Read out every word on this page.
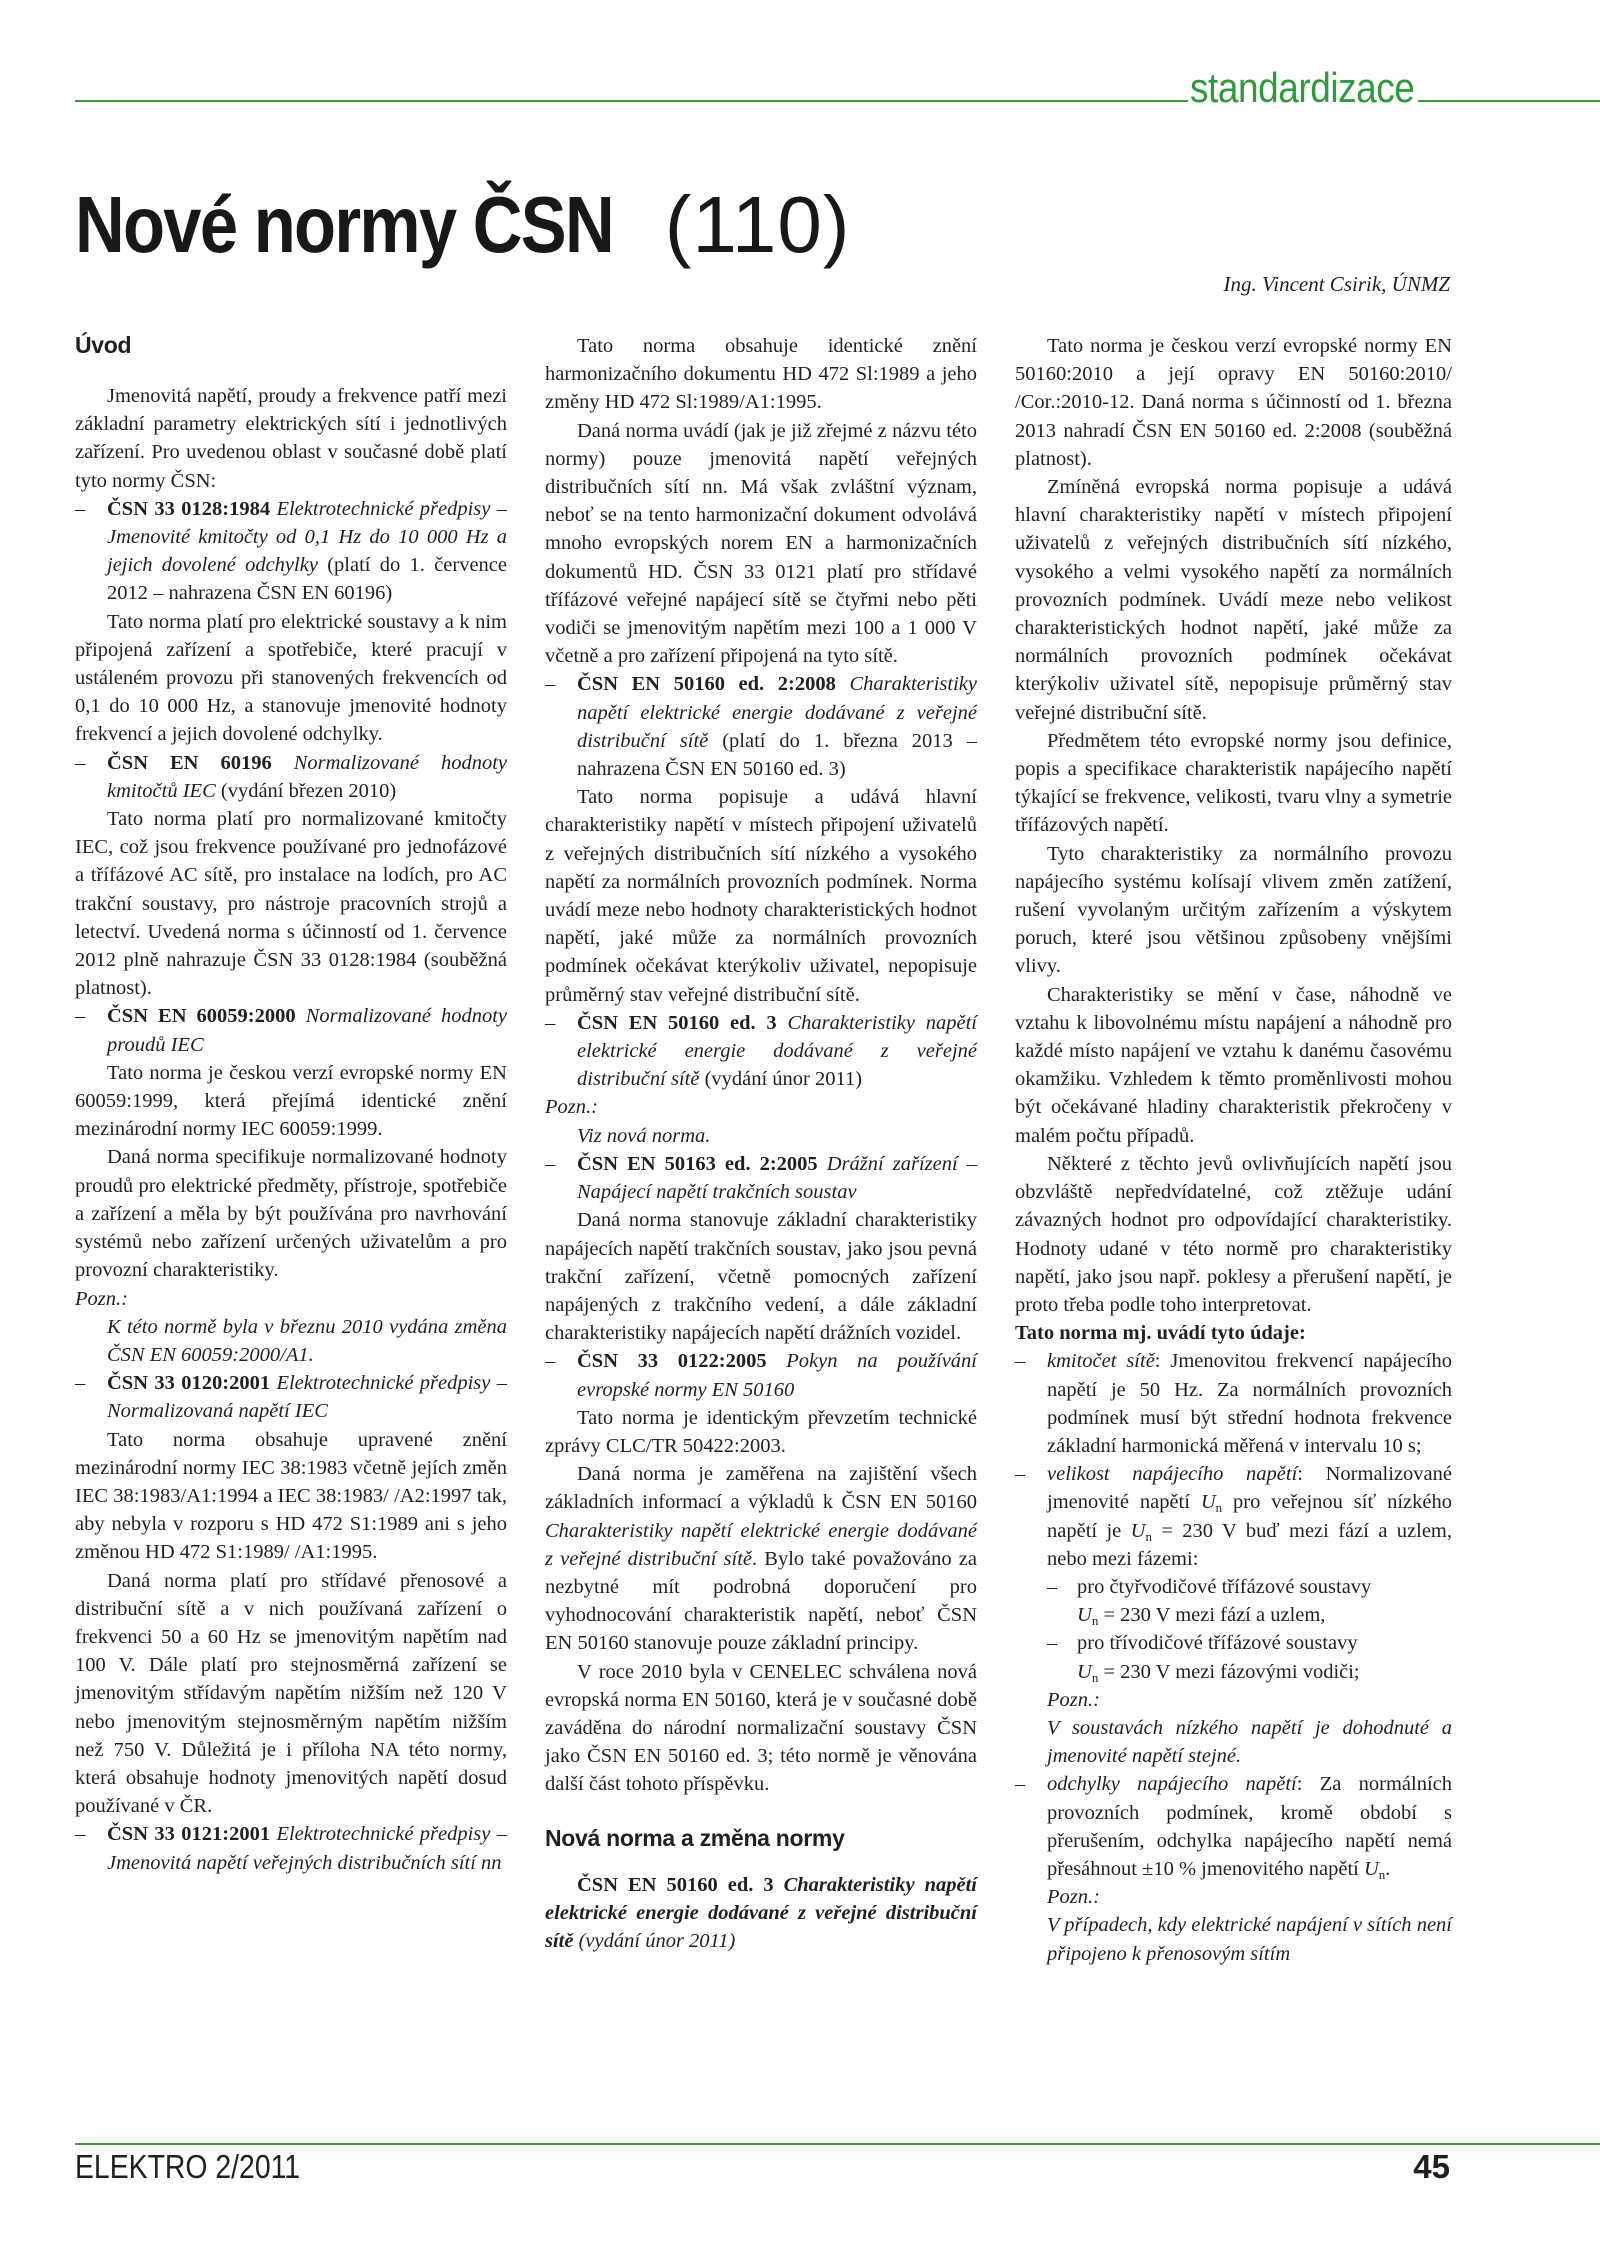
standardizace
Nové normy ČSN (110)
Ing. Vincent Csirik, ÚNMZ
Úvod

Jmenovitá napětí, proudy a frekvence patří mezi základní parametry elektrických sítí i jednotlivých zařízení. Pro uvedenou oblast v současné době platí tyto normy ČSN:

– ČSN 33 0128:1984 Elektrotechnické předpisy – Jmenovité kmitočty od 0,1 Hz do 10 000 Hz a jejich dovolené odchylky (platí do 1. července 2012 – nahrazena ČSN EN 60196)

Tato norma platí pro elektrické soustavy a k nim připojená zařízení a spotřebiče, které pracují v ustáleném provozu při stanovených frekvencích od 0,1 do 10 000 Hz, a stanovuje jmenovité hodnoty frekvencí a jejich dovolené odchylky.

– ČSN EN 60196 Normalizované hodnoty kmitočtů IEC (vydání březen 2010)

Tato norma platí pro normalizované kmitočty IEC, což jsou frekvence používané pro jednofázové a třífázové AC sítě, pro instalace na lodích, pro AC trakční soustavy, pro nástroje pracovních strojů a letectví. Uvedená norma s účinností od 1. července 2012 plně nahrazuje ČSN 33 0128:1984 (souběžná platnost).

– ČSN EN 60059:2000 Normalizované hodnoty proudů IEC

Tato norma je českou verzí evropské normy EN 60059:1999, která přejímá identické znění mezinárodní normy IEC 60059:1999.

Daná norma specifikuje normalizované hodnoty proudů pro elektrické předměty, přístroje, spotřebiče a zařízení a měla by být používána pro navrhování systémů nebo zařízení určených uživatelům a pro provozní charakteristiky.

Pozn.:
K této normě byla v březnu 2010 vydána změna ČSN EN 60059:2000/A1.
– ČSN 33 0120:2001 Elektrotechnické předpisy – Normalizovaná napětí IEC

Tato norma obsahuje upravené znění mezinárodní normy IEC 38:1983 včetně jejích změn IEC 38:1983/A1:1994 a IEC 38:1983/ /A2:1997 tak, aby nebyla v rozporu s HD 472 S1:1989 ani s jeho změnou HD 472 S1:1989/ /A1:1995.

Daná norma platí pro střídavé přenosové a distribuční sítě a v nich používaná zařízení o frekvenci 50 a 60 Hz se jmenovitým napětím nad 100 V. Dále platí pro stejnosměrná zařízení se jmenovitým střídavým napětím nižším než 120 V nebo jmenovitým stejnosměrným napětím nižším než 750 V. Důležitá je i příloha NA této normy, která obsahuje hodnoty jmenovitých napětí dosud používané v ČR.

– ČSN 33 0121:2001 Elektrotechnické předpisy – Jmenovitá napětí veřejných distribučních sítí nn

Tato norma obsahuje identické znění harmonizačního dokumentu HD 472 Sl:1989 a jeho změny HD 472 Sl:1989/A1:1995.

Daná norma uvádí (jak je již zřejmé z názvu této normy) pouze jmenovitá napětí veřejných distribučních sítí nn. Má však zvláštní význam, neboť se na tento harmonizační dokument odvolává mnoho evropských norem EN a harmonizačních dokumentů HD. ČSN 33 0121 platí pro střídavé třífázové veřejné napájecí sítě se čtyřmi nebo pěti vodiči se jmenovitým napětím mezi 100 a 1 000 V včetně a pro zařízení připojená na tyto sítě.

– ČSN EN 50160 ed. 2:2008 Charakteristiky napětí elektrické energie dodávané z veřejné distribuční sítě (platí do 1. března 2013 – nahrazena ČSN EN 50160 ed. 3)

Tato norma popisuje a udává hlavní charakteristiky napětí v místech připojení uživatelů z veřejných distribučních sítí nízkého a vysokého napětí za normálních provozních podmínek. Norma uvádí meze nebo hodnoty charakteristických hodnot napětí, jaké může za normálních provozních podmínek očekávat kterýkoliv uživatel, nepopisuje průměrný stav veřejné distribuční sítě.

– ČSN EN 50160 ed. 3 Charakteristiky napětí elektrické energie dodávané z veřejné distribuční sítě (vydání únor 2011)
Pozn.:
Viz nová norma.
– ČSN EN 50163 ed. 2:2005 Drážní zařízení – Napájecí napětí trakčních soustav

Daná norma stanovuje základní charakteristiky napájecích napětí trakčních soustav, jako jsou pevná trakční zařízení, včetně pomocných zařízení napájených z trakčního vedení, a dále základní charakteristiky napájecích napětí drážních vozidel.

– ČSN 33 0122:2005 Pokyn na používání evropské normy EN 50160

Tato norma je identickým převzetím technické zprávy CLC/TR 50422:2003.

Daná norma je zaměřena na zajištění všech základních informací a výkladů k ČSN EN 50160 Charakteristiky napětí elektrické energie dodávané z veřejné distribuční sítě. Bylo také považováno za nezbytné mít podrobná doporučení pro vyhodnocování charakteristik napětí, neboť ČSN EN 50160 stanovuje pouze základní principy.

V roce 2010 byla v CENELEC schválena nová evropská norma EN 50160, která je v současné době zaváděna do národní normalizační soustavy ČSN jako ČSN EN 50160 ed. 3; této normě je věnována další část tohoto příspěvku.

Nová norma a změna normy

ČSN EN 50160 ed. 3 Charakteristiky napětí elektrické energie dodávané z veřejné distribuční sítě (vydání únor 2011)

Tato norma je českou verzí evropské normy EN 50160:2010 a její opravy EN 50160:2010/ /Cor.:2010-12. Daná norma s účinností od 1. března 2013 nahradí ČSN EN 50160 ed. 2:2008 (souběžná platnost).

Zmíněná evropská norma popisuje a udává hlavní charakteristiky napětí v místech připojení uživatelů z veřejných distribučních sítí nízkého, vysokého a velmi vysokého napětí za normálních provozních podmínek. Uvádí meze nebo velikost charakteristických hodnot napětí, jaké může za normálních provozních podmínek očekávat kterýkoliv uživatel sítě, nepopisuje průměrný stav veřejné distribuční sítě.

Předmětem této evropské normy jsou definice, popis a specifikace charakteristik napájecího napětí týkající se frekvence, velikosti, tvaru vlny a symetrie třífázových napětí.

Tyto charakteristiky za normálního provozu napájecího systému kolísají vlivem změn zatížení, rušení vyvolaným určitým zařízením a výskytem poruch, které jsou většinou způsobeny vnějšími vlivy.

Charakteristiky se mění v čase, náhodně ve vztahu k libovolnému místu napájení a náhodně pro každé místo napájení ve vztahu k danému časovému okamžiku. Vzhledem k těmto proměnlivosti mohou být očekávané hladiny charakteristik překročeny v malém počtu případů.

Některé z těchto jevů ovlivňujících napětí jsou obzvláště nepředvídatelné, což ztěžuje udání závazných hodnot pro odpovídající charakteristiky. Hodnoty udané v této normě pro charakteristiky napětí, jako jsou např. poklesy a přerušení napětí, je proto třeba podle toho interpretovat.

Tato norma mj. uvádí tyto údaje:
– kmitočet sítě: Jmenovitou frekvencí napájecího napětí je 50 Hz. Za normálních provozních podmínek musí být střední hodnota frekvence základní harmonická měřená v intervalu 10 s;
– velikost napájecího napětí: Normalizované jmenovité napětí $U_n$ pro veřejnou síť nízkého napětí je $U_n = 230$ V buď mezi fází a uzlem, nebo mezi fázemi:
– pro čtyřvodičové třífázové soustavy
$U_n = 230$ V mezi fází a uzlem,
– pro třívodičové třífázové soustavy
$U_n = 230$ V mezi fázovými vodiči;
Pozn.:
V soustavách nízkého napětí je dohodnuté a jmenovité napětí stejné.
– odchylky napájecího napětí: Za normálních provozních podmínek, kromě období s přerušením, odchylka napájecího napětí nemá přesáhnout ±10 % jmenovitého napětí $U_n$.
Pozn.:
V případech, kdy elektrické napájení v sítích není připojeno k přenosovým sítím
ELEKTRO 2/2011	45
